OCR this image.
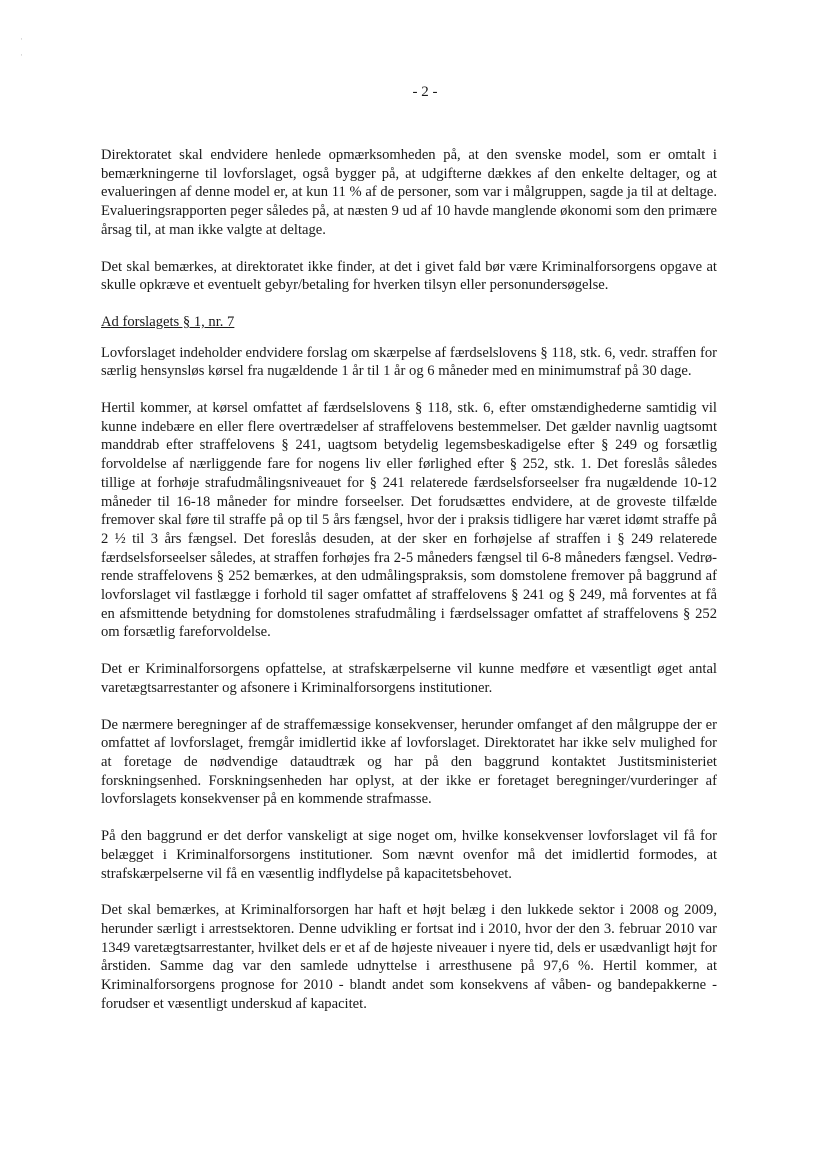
·
·
- 2 -

Direktoratet skal endvidere henlede opmærksomheden på, at den svenske model, som er omtalt i bemærkningerne til lovforslaget, også bygger på, at udgifterne dækkes af den enkelte deltager, og at evalueringen af denne model er, at kun 11 % af de personer, som var i målgruppen, sagde ja til at deltage. Evalueringsrapporten peger således på, at næsten 9 ud af 10 havde manglende økonomi som den primære årsag til, at man ikke valgte at deltage.

Det skal bemærkes, at direktoratet ikke finder, at det i givet fald bør være Kriminalforsorgens opgave at skulle opkræve et eventuelt gebyr/betaling for hverken tilsyn eller personundersøgelse.

Ad forslagets § 1, nr. 7

Lovforslaget indeholder endvidere forslag om skærpelse af færdselslovens § 118, stk. 6, vedr. straffen for særlig hensynsløs kørsel fra nugældende 1 år til 1 år og 6 måneder med en minimumstraf på 30 dage.

Hertil kommer, at kørsel omfattet af færdselslovens § 118, stk. 6, efter omstændighederne samtidig vil kunne indebære en eller flere overtrædelser af straffelovens bestemmelser. Det gælder navnlig uagtsomt manddrab efter straffelovens § 241, uagtsom betydelig legemsbeskadigelse efter § 249 og forsætlig forvoldelse af nærliggende fare for nogens liv eller førlighed efter § 252, stk. 1. Det foreslås således tillige at forhøje strafudmålingsniveauet for § 241 relaterede færdselsforseelser fra nugældende 10-12 måneder til 16-18 måneder for mindre forseelser. Det forudsættes endvidere, at de groveste tilfælde fremover skal føre til straffe på op til 5 års fængsel, hvor der i praksis tidligere har været idømt straffe på 2 ½ til 3 års fængsel. Det foreslås desuden, at der sker en forhøjelse af straffen i § 249 relaterede færdselsforseelser således, at straffen forhøjes fra 2-5 måneders fængsel til 6-8 måneders fængsel. Vedrørende straffelovens § 252 bemærkes, at den udmålingspraksis, som domstolene fremover på baggrund af lovforslaget vil fastlægge i forhold til sager omfattet af straffelovens § 241 og § 249, må forventes at få en afsmittende betydning for domstolenes strafudmåling i færdselssager omfattet af straffelovens § 252 om forsætlig fareforvoldelse.

Det er Kriminalforsorgens opfattelse, at strafskærpelserne vil kunne medføre et væsentligt øget antal varetægtsarrestanter og afsonere i Kriminalforsorgens institutioner.

De nærmere beregninger af de straffemæssige konsekvenser, herunder omfanget af den målgruppe der er omfattet af lovforslaget, fremgår imidlertid ikke af lovforslaget. Direktoratet har ikke selv mulighed for at foretage de nødvendige dataudtræk og har på den baggrund kontaktet Justitsministeriet forskningsenhed. Forskningsenheden har oplyst, at der ikke er foretaget beregninger/vurderinger af lovforslagets konsekvenser på en kommende strafmasse.

På den baggrund er det derfor vanskeligt at sige noget om, hvilke konsekvenser lovforslaget vil få for belægget i Kriminalforsorgens institutioner. Som nævnt ovenfor må det imidlertid formodes, at strafskærpelserne vil få en væsentlig indflydelse på kapacitetsbehovet.

Det skal bemærkes, at Kriminalforsorgen har haft et højt belæg i den lukkede sektor i 2008 og 2009, herunder særligt i arrestsektoren. Denne udvikling er fortsat ind i 2010, hvor der den 3. februar 2010 var 1349 varetægtsarrestanter, hvilket dels er et af de højeste niveauer i nyere tid, dels er usædvanligt højt for årstiden. Samme dag var den samlede udnyttelse i arresthusene på 97,6 %. Hertil kommer, at Kriminalforsorgens prognose for 2010 - blandt andet som konsekvens af våben- og bandepakkerne - forudser et væsentligt underskud af kapacitet.
